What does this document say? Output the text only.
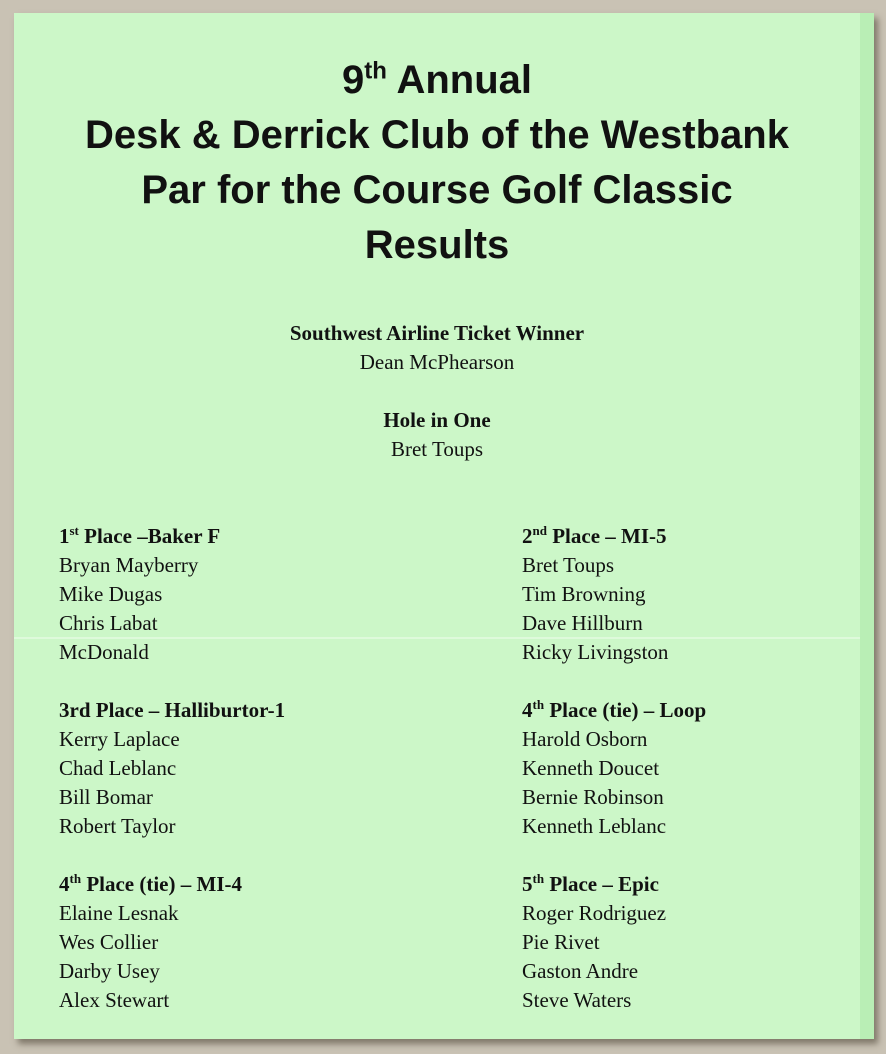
9th Annual
Desk & Derrick Club of the Westbank
Par for the Course Golf Classic
Results
Southwest Airline Ticket Winner
Dean McPhearson
Hole in One
Bret Toups
1st Place –Baker F
Bryan Mayberry
Mike Dugas
Chris Labat
McDonald
3rd Place – Halliburtor-1
Kerry Laplace
Chad Leblanc
Bill Bomar
Robert Taylor
4th Place (tie) – MI-4
Elaine Lesnak
Wes Collier
Darby Usey
Alex Stewart
2nd Place – MI-5
Bret Toups
Tim Browning
Dave Hillburn
Ricky Livingston
4th Place (tie) – Loop
Harold Osborn
Kenneth Doucet
Bernie Robinson
Kenneth Leblanc
5th Place – Epic
Roger Rodriguez
Pie Rivet
Gaston Andre
Steve Waters
